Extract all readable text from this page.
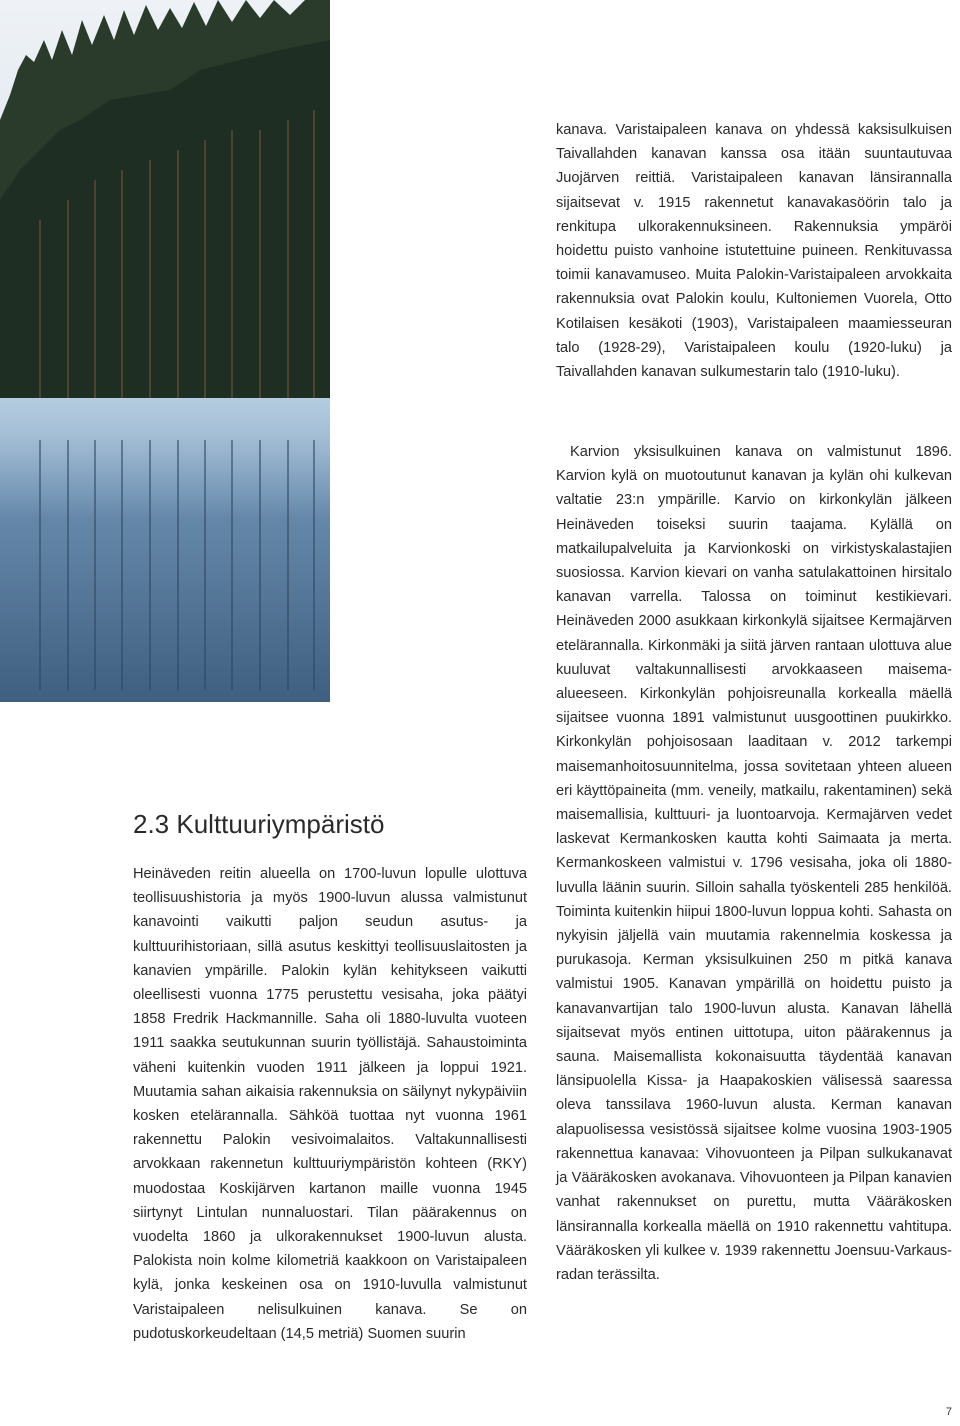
kanava. Varistaipaleen kanava on yhdessä kaksisulkuisen Taivallahden kanavan kanssa osa itään suuntautuvaa Juojärven reittiä. Varistaipaleen kanavan länsirannalla sijaitsevat v. 1915 rakennetut kanavakasöörin talo ja renkitupa ulkorakennuksineen. Rakennuksia ympäröi hoidettu puisto vanhoine istutettuine puineen. Renkituvassa toimii kanavamuseo. Muita Palokin-Varistaipaleen arvokkaita rakennuksia ovat Palokin koulu, Kultoniemen Vuorela, Otto Kotilaisen kesäkoti (1903), Varistaipaleen maamiesseuran talo (1928-29), Varistaipaleen koulu (1920-luku) ja Taivallahden kanavan sulkumestarin talo (1910-luku).

Karvion yksisulkuinen kanava on valmistunut 1896. Karvion kylä on muotoutunut kanavan ja kylän ohi kulkevan valtatie 23:n ympärille. Karvio on kirkonkylän jälkeen Heinäveden toiseksi suurin taajama. Kylällä on matkailupalveluita ja Karvionkoski on virkistyskalastajien suosiossa. Karvion kievari on vanha satulakattoinen hirsitalo kanavan varrella. Talossa on toiminut kestikievari. Heinäveden 2000 asukkaan kirkonkylä sijaitsee Kermajärven etelärannalla. Kirkonmäki ja siitä järven rantaan ulottuva alue kuuluvat valtakunnallisesti arvokkaaseen maisema-alueeseen. Kirkonkylän pohjoisreunalla korkealla mäellä sijaitsee vuonna 1891 valmistunut uusgoottinen puukirkko. Kirkonkylän pohjoisosaan laaditaan v. 2012 tarkempi maisemanhoitosuunnitelma, jossa sovitetaan yhteen alueen eri käyttöpaineita (mm. veneily, matkailu, rakentaminen) sekä maisemallisia, kulttuuri- ja luontoarvoja. Kermajärven vedet laskevat Kermankosken kautta kohti Saimaata ja merta. Kermankoskeen valmistui v. 1796 vesisaha, joka oli 1880-luvulla läänin suurin. Silloin sahalla työskenteli 285 henkilöä. Toiminta kuitenkin hiipui 1800-luvun loppua kohti. Sahasta on nykyisin jäljellä vain muutamia rakennelmia koskessa ja purukasoja. Kerman yksisulkuinen 250 m pitkä kanava valmistui 1905. Kanavan ympärillä on hoidettu puisto ja kanavanvartijan talo 1900-luvun alusta. Kanavan lähellä sijaitsevat myös entinen uittotupa, uiton päärakennus ja sauna. Maisemallista kokonaisuutta täydentää kanavan länsipuolella Kissa- ja Haapakoskien välisessä saaressa oleva tanssilava 1960-luvun alusta. Kerman kanavan alapuolisessa vesistössä sijaitsee kolme vuosina 1903-1905 rakennettua kanavaa: Vihovuonteen ja Pilpan sulkukanavat ja Vääräkosken avokanava. Vihovuonteen ja Pilpan kanavien vanhat rakennukset on purettu, mutta Vääräkosken länsirannalla korkealla mäellä on 1910 rakennettu vahtitupa. Vääräkosken yli kulkee v. 1939 rakennettu Joensuu-Varkaus- radan terässilta.

2.3 Kulttuuriympäristö

Heinäveden reitin alueella on 1700-luvun lopulle ulottuva teollisuushistoria ja myös 1900-luvun alussa valmistunut kanavointi vaikutti paljon seudun asutus- ja kulttuurihistoriaan, sillä asutus keskittyi teollisuuslaitosten ja kanavien ympärille. Palokin kylän kehitykseen vaikutti oleellisesti vuonna 1775 perustettu vesisaha, joka päätyi 1858 Fredrik Hackmannille. Saha oli 1880-luvulta vuoteen 1911 saakka seutukunnan suurin työllistäjä. Sahaustoiminta väheni kuitenkin vuoden 1911 jälkeen ja loppui 1921. Muutamia sahan aikaisia rakennuksia on säilynyt nykypäiviin kosken etelärannalla. Sähköä tuottaa nyt vuonna 1961 rakennettu Palokin vesivoimalaitos. Valtakunnallisesti arvokkaan rakennetun kulttuuriympäristön kohteen (RKY) muodostaa Koskijärven kartanon maille vuonna 1945 siirtynyt Lintulan nunnaluostari. Tilan päärakennus on vuodelta 1860 ja ulkorakennukset 1900-luvun alusta. Palokista noin kolme kilometriä kaakkoon on Varistaipaleen kylä, jonka keskeinen osa on 1910-luvulla valmistunut Varistaipaleen nelisulkuinen kanava. Se on pudotuskorkeudeltaan (14,5 metriä) Suomen suurin

7
